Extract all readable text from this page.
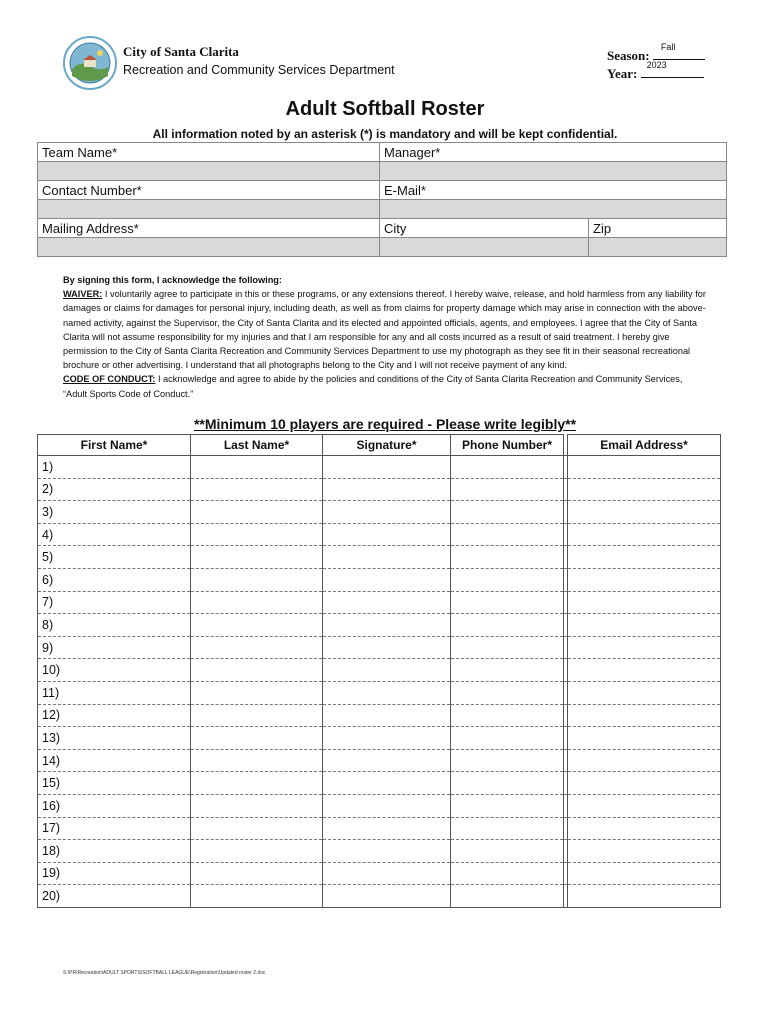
City of Santa Clarita
Recreation and Community Services Department
Season:
Fall
Year:
2023
Adult Softball Roster
All information noted by an asterisk (*) is mandatory and will be kept confidential.
Team Name*	Manager*	

Contact Number*	E-Mail*	

Mailing Address*	City	Zip

By signing this form, I acknowledge the following:

WAIVER: I voluntarily agree to participate in this or these programs, or any extensions thereof. I hereby waive, release, and hold harmless from any liability for damages or claims for damages for personal injury, including death, as well as from claims for property damage which may arise in connection with the above-named activity, against the Supervisor, the City of Santa Clarita and its elected and appointed officials, agents, and employees. I agree that the City of Santa Clarita will not assume responsibility for my injuries and that I am responsible for any and all costs incurred as a result of said treatment. I hereby give permission to the City of Santa Clarita Recreation and Community Services Department to use my photograph as they see fit in their seasonal recreational brochure or other advertising. I understand that all photographs belong to the City and I will not receive payment of any kind.

CODE OF CONDUCT: I acknowledge and agree to abide by the policies and conditions of the City of Santa Clarita Recreation and Community Services, “Adult Sports Code of Conduct.”

**Minimum 10 players are required - Please write legibly**
First Name*	Last Name*	Signature*	Phone Number*		Email Address*
1)					
2)					
3)					
4)					
5)					
6)					
7)					
8)					
9)					
10)					
11)					
12)					
13)					
14)					
15)					
16)					
17)					
18)					
19)					
20)					
S:\PR\Recreation\ADULT SPORTS\SOFTBALL LEAGUE\Registration\Updated roster 2.doc
